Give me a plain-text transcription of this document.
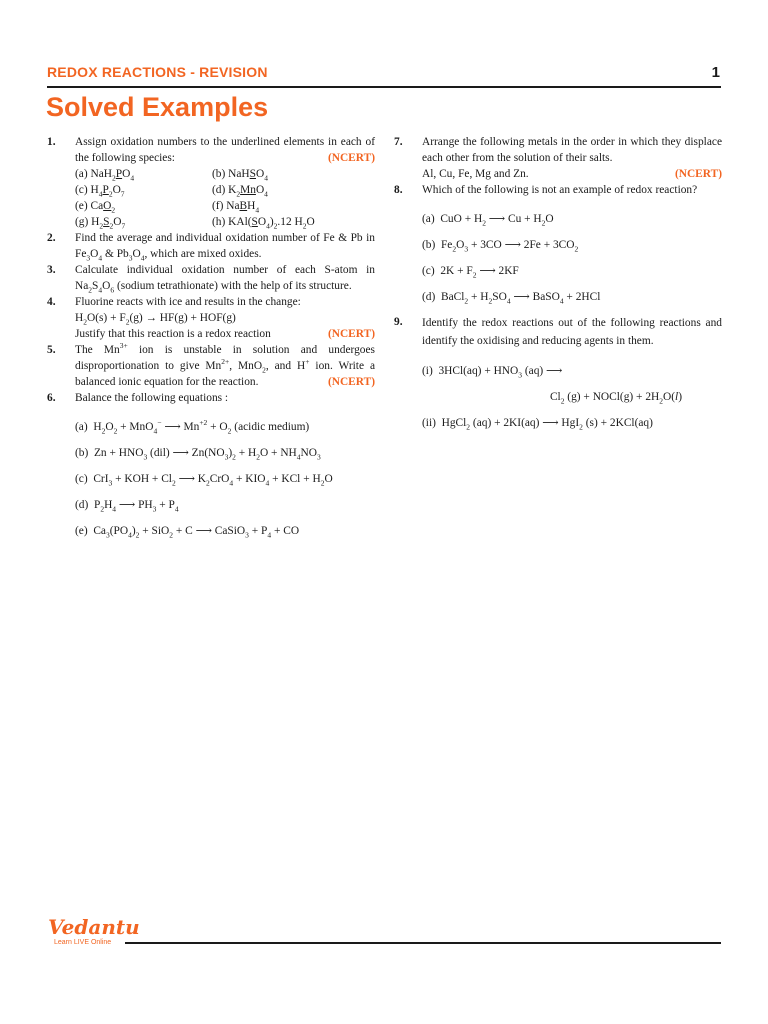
REDOX REACTIONS - REVISION	1
Solved Examples
1.	Assign oxidation numbers to the underlined elements in each of the following species:	(NCERT)
(a) $NaH_2PO_4$	(b) NaHSO$_4$
(c) $H_4P_2O_7$	(d) $K_2MnO_4$
(e) CaO$_2$	(f) NaBH$_4$
(g) $H_2S_2O_7$	(h) $KAl(SO_4)_2.12$ $H_2O$
2.	Find the average and individual oxidation number of Fe & Pb in $Fe_3O_4$ & $Pb_3O_4$, which are mixed oxides.
3.	Calculate individual oxidation number of each S-atom in $Na_2S_4O_6$ (sodium tetrathionate) with the help of its structure.
4.	Fluorine reacts with ice and results in the change:
$H_2O(s) + F_2(g) \to HF(g) + HOF(g)$
Justify that this reaction is a redox reaction	(NCERT)
5.	The $Mn^{3+}$ ion is unstable in solution and undergoes disproportionation to give $Mn^{2+}$, MnO$_2$, and H+ ion. Write a balanced ionic equation for the reaction.	(NCERT)
6.	Balance the following equations :
(a)  $H_2O_2 + MnO_4^-$ ⟶ $Mn^{+2} + O_2$ (acidic medium)
(b)  $Zn + HNO_3$ (dil) ⟶ $Zn(NO_3)_2 + H_2O + NH_4NO_3$
(c)  CrI$_3$ + KOH + $Cl_2$ ⟶ $K_2CrO_4 + KIO_4$ + KCl + $H_2O$
(d)  $P_2H_4$ ⟶ $PH_3 + P_4$
(e)  $Ca_3(PO_4)_2 + SiO_2 + C$ ⟶ CaSiO$_3$ + $P_4$ + CO
7.	Arrange the following metals in the order in which they displace each other from the solution of their salts.
Al, Cu, Fe, Mg and Zn.	(NCERT)
8.	Which of the following is not an example of redox reaction?
(a)  CuO + $H_2$ ⟶ $Cu + H_2O$
(b)  $Fe_2O_3 + 3CO$ ⟶ $2Fe + 3CO_2$
(c)  $2K + F_2$ ⟶ 2KF
(d)  BaCl$_2$ + $H_2SO_4$ ⟶ BaSO$_4$ + 2HCl
9.	Identify the redox reactions out of the following reactions and identify the oxidising and reducing agents in them.
(i)  $3HCl(aq) + HNO_3$ (aq) ⟶
$Cl_2$ (g) + NOCl(g) + $2H_2O(l)$
(ii)  HgCl$_2$ (aq) + 2KI(aq) ⟶ HgI$_2$ (s) + 2KCl(aq)
Vedantu
Learn LIVE Online
